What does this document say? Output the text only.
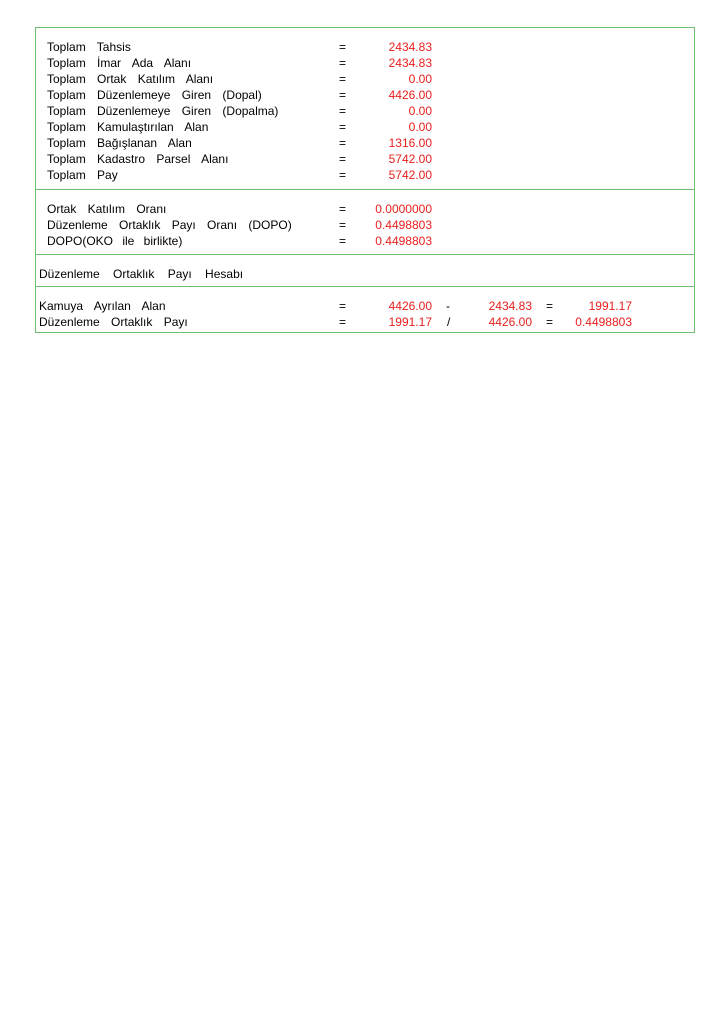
Toplam Tahsis	=	2434.83
Toplam İmar Ada Alanı	=	2434.83
Toplam Ortak Katılım Alanı	=	0.00
Toplam Düzenlemeye Giren (Dopal)	=	4426.00
Toplam Düzenlemeye Giren (Dopalma)	=	0.00
Toplam Kamulaştırılan Alan	=	0.00
Toplam Bağışlanan Alan	=	1316.00
Toplam Kadastro Parsel Alanı	=	5742.00
Toplam Pay	=	5742.00
Ortak Katılım Oranı	=	0.0000000
Düzenleme Ortaklık Payı Oranı (DOPO)	=	0.4498803
DOPO(OKO ile birlikte)	=	0.4498803
Düzenleme Ortaklık Payı Hesabı
Kamuya Ayrılan Alan	=	4426.00 -	2434.83 =	1991.17
Düzenleme Ortaklık Payı	=	1991.17 /	4426.00 =	0.4498803
